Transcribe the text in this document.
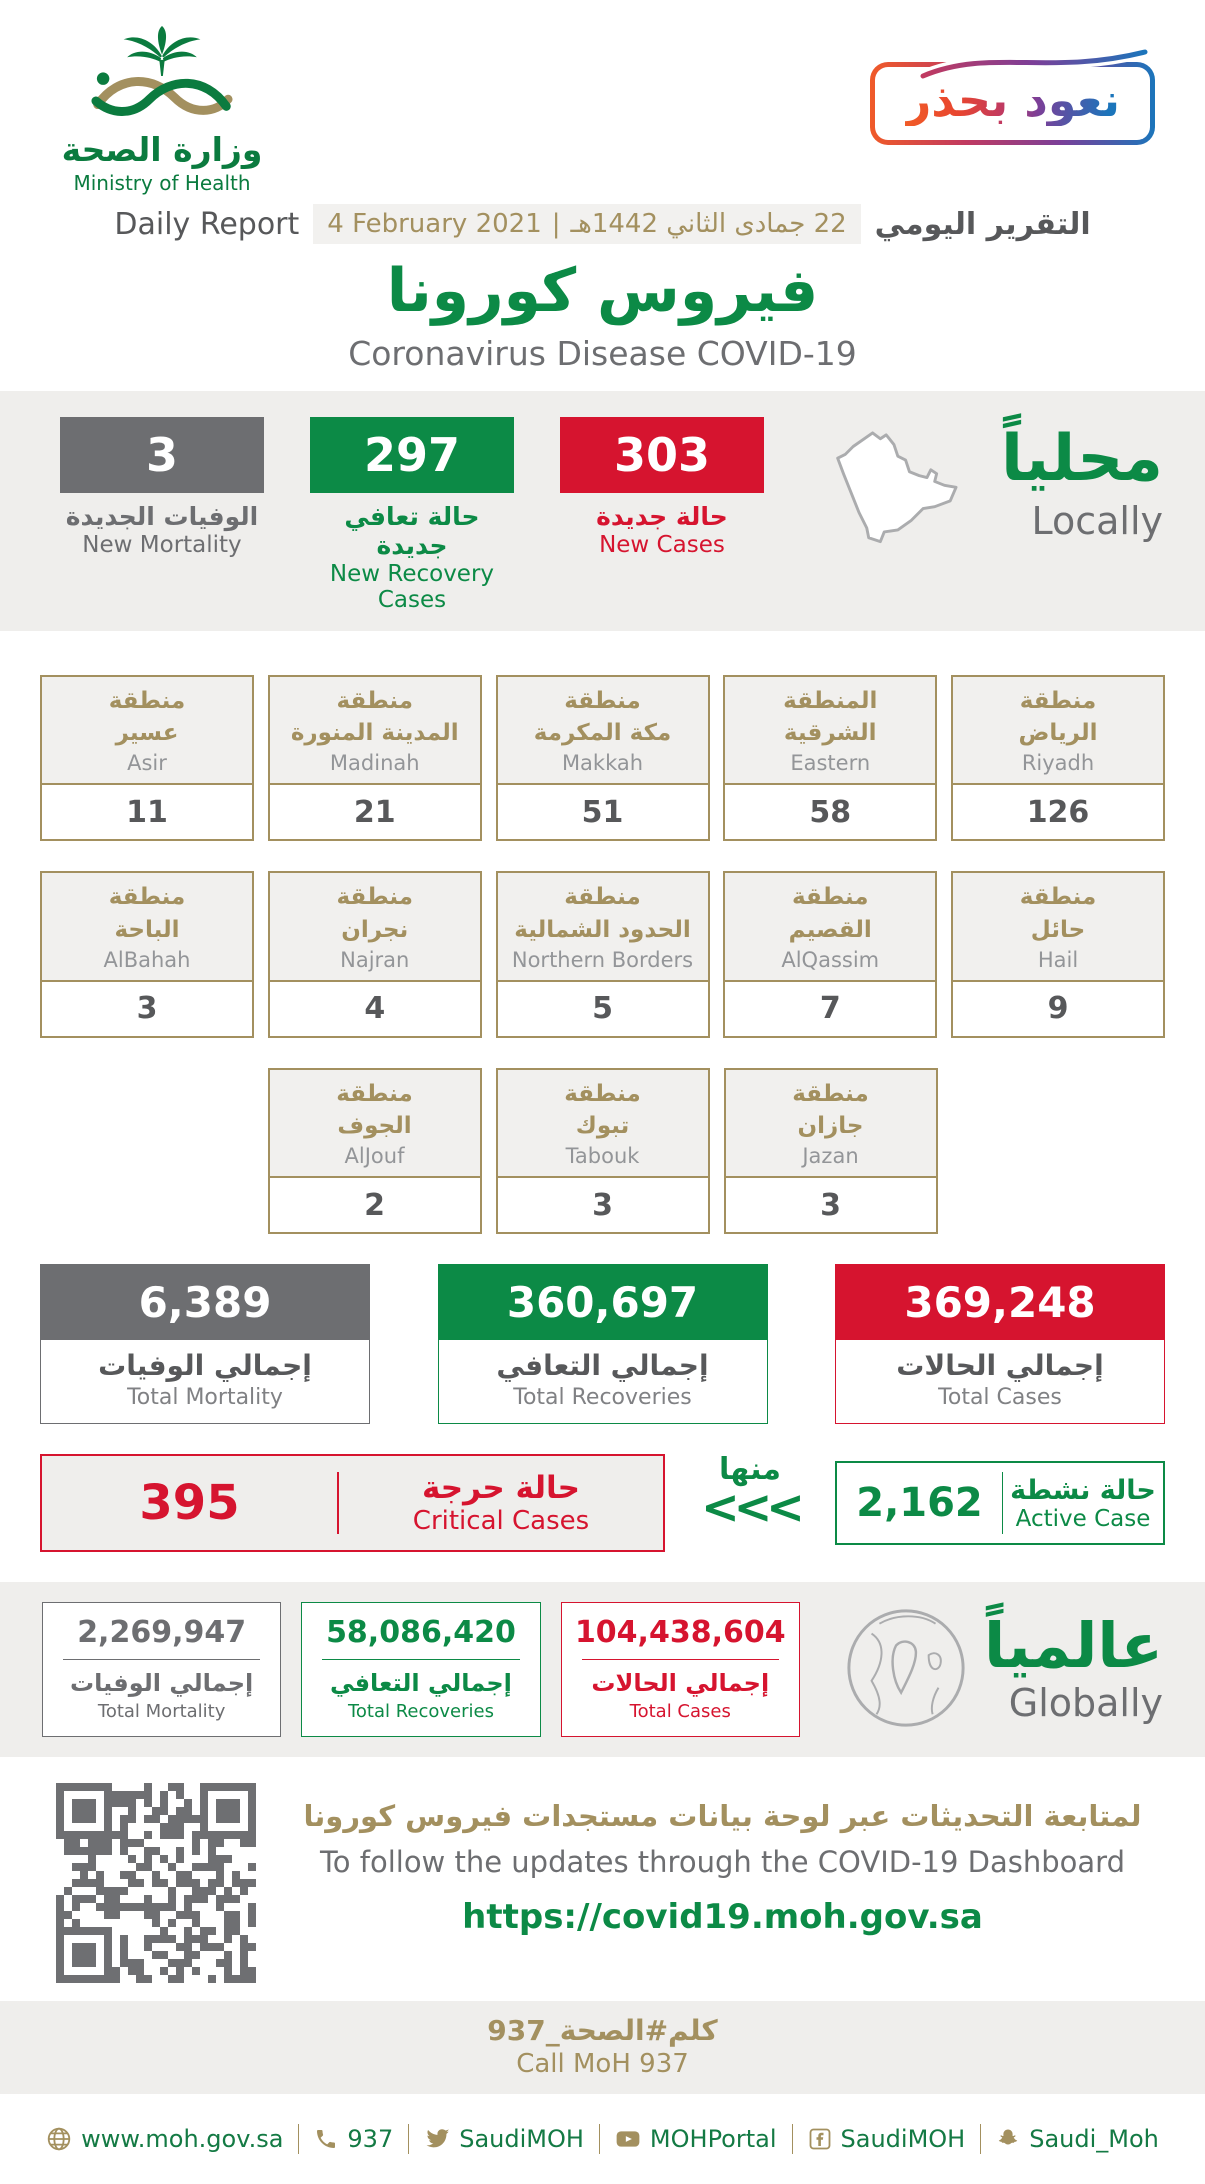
وزارة الصحة
Ministry of Health
نعود بحذر
التقرير اليومي
22 جمادى الثاني 1442هـ
|
4 February 2021
Daily Report
فيروس كورونا
Coronavirus Disease COVID-19
3
الوفيات الجديدة
New Mortality
297
حالة تعافي جديدة
New Recovery Cases
303
حالة جديدة
New Cases
محلياً
Locally
منطقة
عسير
Asir
11
منطقة
المدينة المنورة
Madinah
21
منطقة
مكة المكرمة
Makkah
51
المنطقة
الشرقية
Eastern
58
منطقة
الرياض
Riyadh
126
منطقة
الباحة
AlBahah
3
منطقة
نجران
Najran
4
منطقة
الحدود الشمالية
Northern Borders
5
منطقة
القصيم
AlQassim
7
منطقة
حائل
Hail
9
منطقة
الجوف
AlJouf
2
منطقة
تبوك
Tabouk
3
منطقة
جازان
Jazan
3
6,389
إجمالي الوفيات
Total Mortality
360,697
إجمالي التعافي
Total Recoveries
369,248
إجمالي الحالات
Total Cases
395	حالة حرجة
Critical Cases
منها
<<<	2,162	حالة نشطة
Active Case
2,269,947
إجمالي الوفيات
Total Mortality
58,086,420
إجمالي التعافي
Total Recoveries
104,438,604
إجمالي الحالات
Total Cases
عالمياً
Globally
لمتابعة التحديثات عبر لوحة بيانات مستجدات فيروس كورونا
To follow the updates through the COVID-19 Dashboard
https://covid19.moh.gov.sa
كلم#الصحة_937
Call MoH 937
www.moh.gov.sa	937	SaudiMOH	MOHPortal	SaudiMOH	Saudi_Moh
